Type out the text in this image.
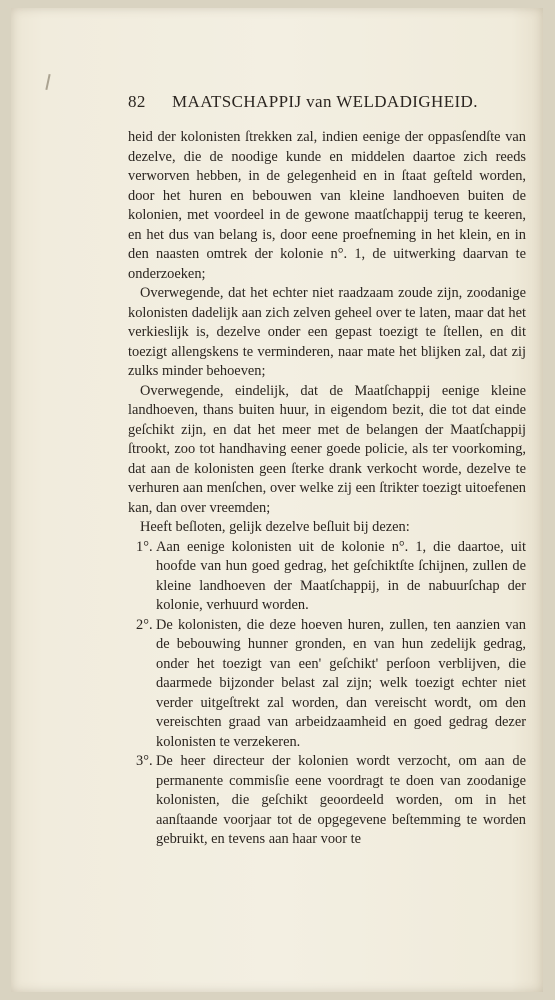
82 MAATSCHAPPIJ van WELDADIGHEID.

heid der kolonisten ſtrekken zal, indien eenige der oppasſendſte van dezelve, die de noodige kunde en middelen daartoe zich reeds verworven hebben, in de gelegenheid en in ſtaat geſteld worden, door het huren en bebouwen van kleine landhoeven buiten de kolonien, met voordeel in de gewone maatſchappij terug te keeren, en het dus van belang is, door eene proefneming in het klein, en in den naasten omtrek der kolonie n°. 1, de uitwerking daarvan te onderzoeken;

Overwegende, dat het echter niet raadzaam zoude zijn, zoodanige kolonisten dadelijk aan zich zelven geheel over te laten, maar dat het verkieslijk is, dezelve onder een gepast toezigt te ſtellen, en dit toezigt allengskens te verminderen, naar mate het blijken zal, dat zij zulks minder behoeven;

Overwegende, eindelijk, dat de Maatſchappij eenige kleine landhoeven, thans buiten huur, in eigendom bezit, die tot dat einde geſchikt zijn, en dat het meer met de belangen der Maatſchappij ſtrookt, zoo tot handhaving eener goede policie, als ter voorkoming, dat aan de kolonisten geen ſterke drank verkocht worde, dezelve te verhuren aan menſchen, over welke zij een ſtrikter toezigt uitoefenen kan, dan over vreemden;

Heeft beſloten, gelijk dezelve beſluit bij dezen:

1°. Aan eenige kolonisten uit de kolonie n°. 1, die daartoe, uit hoofde van hun goed gedrag, het geſchiktſte ſchijnen, zullen de kleine landhoeven der Maatſchappij, in de nabuurſchap der kolonie, verhuurd worden.
2°. De kolonisten, die deze hoeven huren, zullen, ten aanzien van de bebouwing hunner gronden, en van hun zedelijk gedrag, onder het toezigt van een' geſchikt' perſoon verblijven, die daarmede bijzonder belast zal zijn; welk toezigt echter niet verder uitgeſtrekt zal worden, dan vereischt wordt, om den vereischten graad van arbeidzaamheid en goed gedrag dezer kolonisten te verzekeren.
3°. De heer directeur der kolonien wordt verzocht, om aan de permanente commisſie eene voordragt te doen van zoodanige kolonisten, die geſchikt geoordeeld worden, om in het aanſtaande voorjaar tot de opgegevene beſtemming te worden gebruikt, en tevens aan haar voor te
